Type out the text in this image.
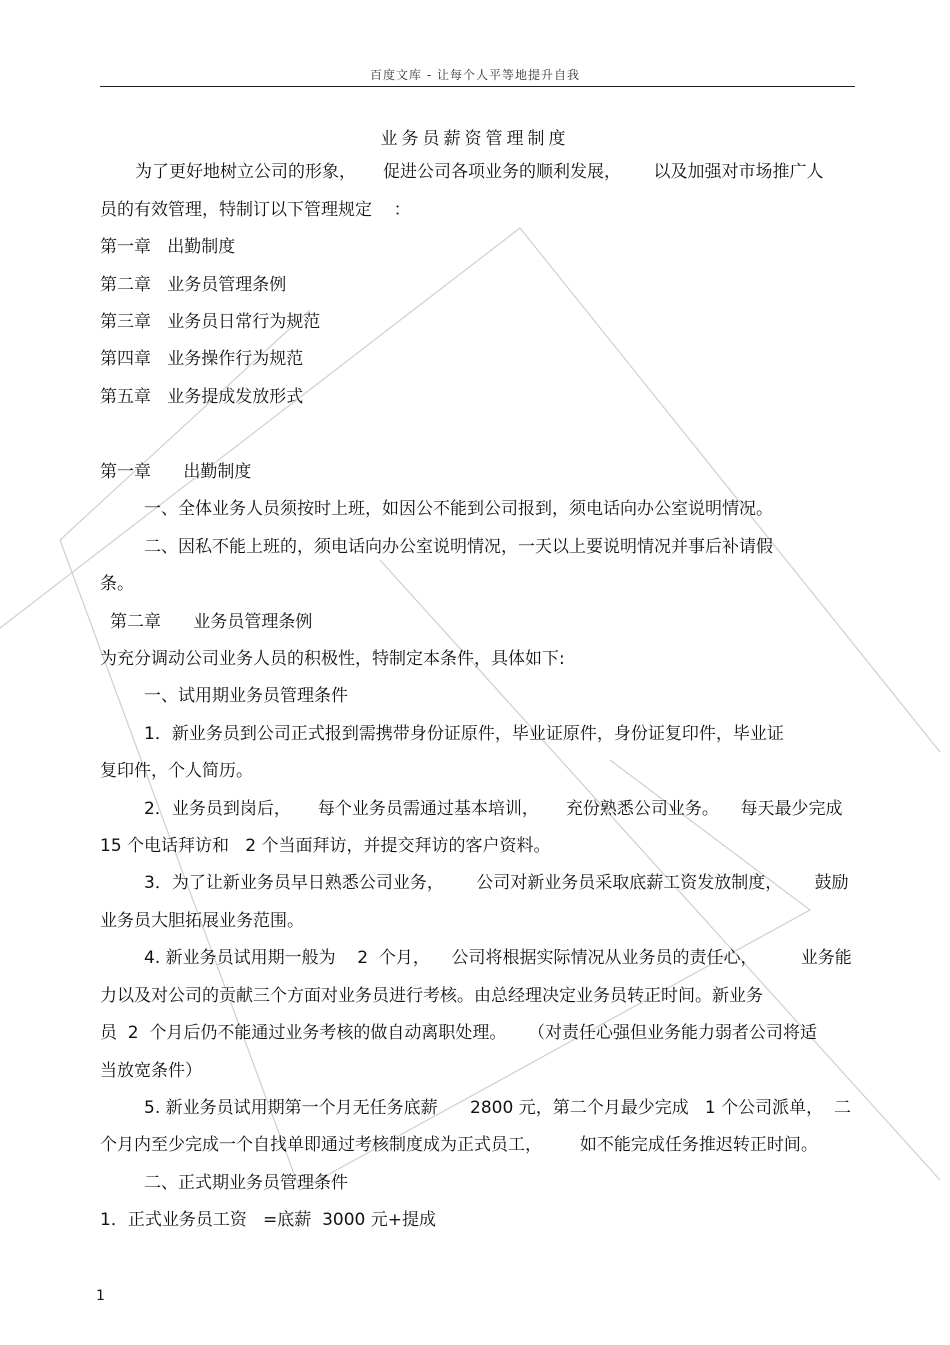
百度文库 - 让每个人平等地提升自我
业务员薪资管理制度
为了更好地树立公司的形象，     促进公司各项业务的顺利发展，      以及加强对市场推广人
员的有效管理，特制订以下管理规定    ：
第一章   出勤制度
第二章   业务员管理条例
第三章   业务员日常行为规范
第四章   业务操作行为规范
第五章   业务提成发放形式
第一章      出勤制度
一、全体业务人员须按时上班，如因公不能到公司报到，须电话向办公室说明情况。
二、因私不能上班的，须电话向办公室说明情况，一天以上要说明情况并事后补请假
条。
第二章      业务员管理条例
为充分调动公司业务人员的积极性，特制定本条件，具体如下:
一、试用期业务员管理条件
1．新业务员到公司正式报到需携带身份证原件，毕业证原件，身份证复印件，毕业证
复印件，个人简历。
2．业务员到岗后，     每个业务员需通过基本培训，     充份熟悉公司业务。    每天最少完成
15 个电话拜访和   2 个当面拜访，并提交拜访的客户资料。
3．为了让新业务员早日熟悉公司业务，      公司对新业务员采取底薪工资发放制度，      鼓励
业务员大胆拓展业务范围。
4. 新业务员试用期一般为    2  个月，    公司将根据实际情况从业务员的责任心，        业务能
力以及对公司的贡献三个方面对业务员进行考核。由总经理决定业务员转正时间。新业务
员  2  个月后仍不能通过业务考核的做自动离职处理。    （对责任心强但业务能力弱者公司将适
当放宽条件）
5. 新业务员试用期第一个月无任务底薪      2800 元，第二个月最少完成   1 个公司派单，  二
个月内至少完成一个自找单即通过考核制度成为正式员工，       如不能完成任务推迟转正时间。
二、正式期业务员管理条件
1．正式业务员工资   =底薪  3000 元+提成
1
